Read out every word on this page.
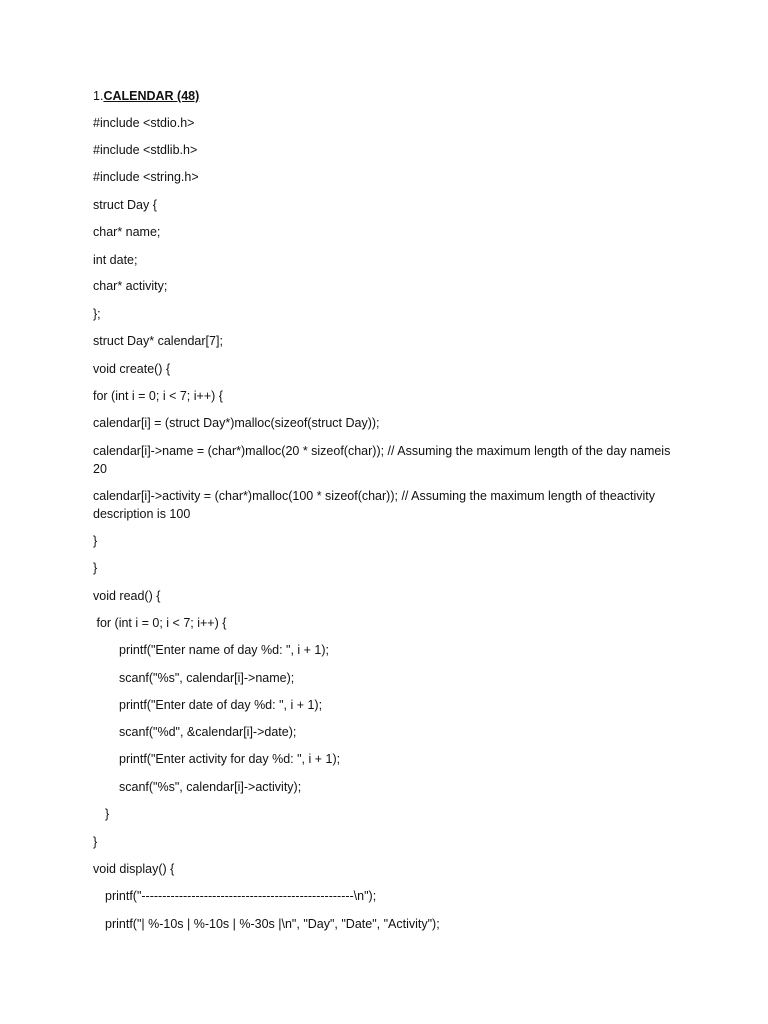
1.CALENDAR (48)
#include <stdio.h>
#include <stdlib.h>
#include <string.h>
struct Day {
char* name;
int date;
char* activity;
};
struct Day* calendar[7];
void create() {
for (int i = 0; i < 7; i++) {
calendar[i] = (struct Day*)malloc(sizeof(struct Day));
calendar[i]->name = (char*)malloc(20 * sizeof(char)); // Assuming the maximum length of the day nameis 20
calendar[i]->activity = (char*)malloc(100 * sizeof(char)); // Assuming the maximum length of theactivity description is 100
}
}
void read() {
for (int i = 0; i < 7; i++) {
printf("Enter name of day %d: ", i + 1);
scanf("%s", calendar[i]->name);
printf("Enter date of day %d: ", i + 1);
scanf("%d", &calendar[i]->date);
printf("Enter activity for day %d: ", i + 1);
scanf("%s", calendar[i]->activity);
}
}
void display() {
printf("---------------------------------------------------\n");
printf("| %-10s | %-10s | %-30s |\n", "Day", "Date", "Activity");
